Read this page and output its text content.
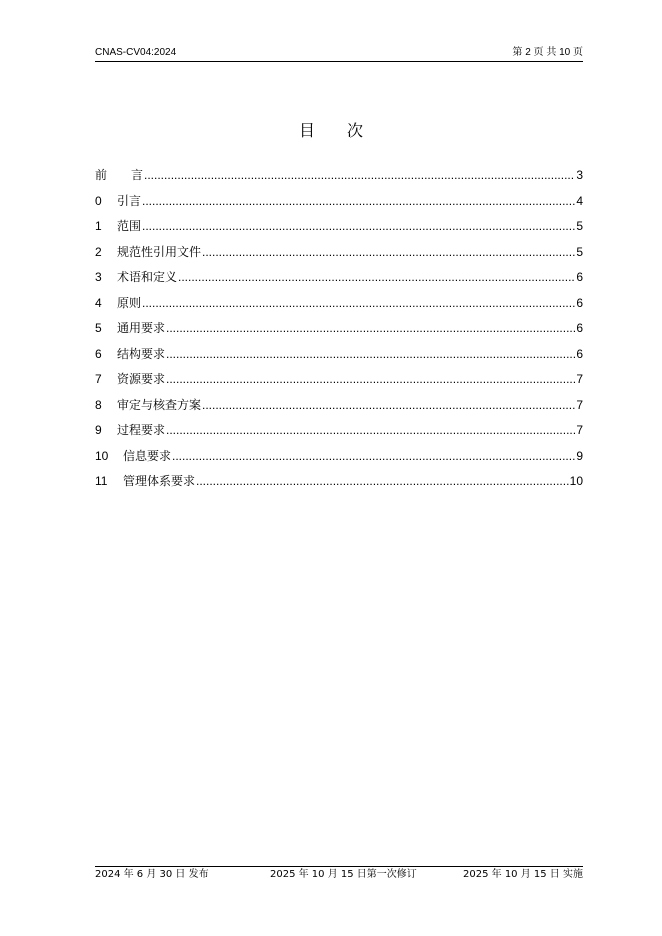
CNAS-CV04:2024	第 2 页 共 10 页
目　　次
前　　言 .....	3
0	引言 .....	4
1	范围 .....	5
2	规范性引用文件 .....	5
3	术语和定义 .....	6
4	原则 .....	6
5	通用要求 .....	6
6	结构要求 .....	6
7	资源要求 .....	7
8	审定与核查方案 .....	7
9	过程要求 .....	7
10	信息要求 .....	9
11	管理体系要求 .....	10
2024 年 6 月 30 日 发布	2025 年 10 月 15 日第一次修订	2025 年 10 月 15 日 实施
